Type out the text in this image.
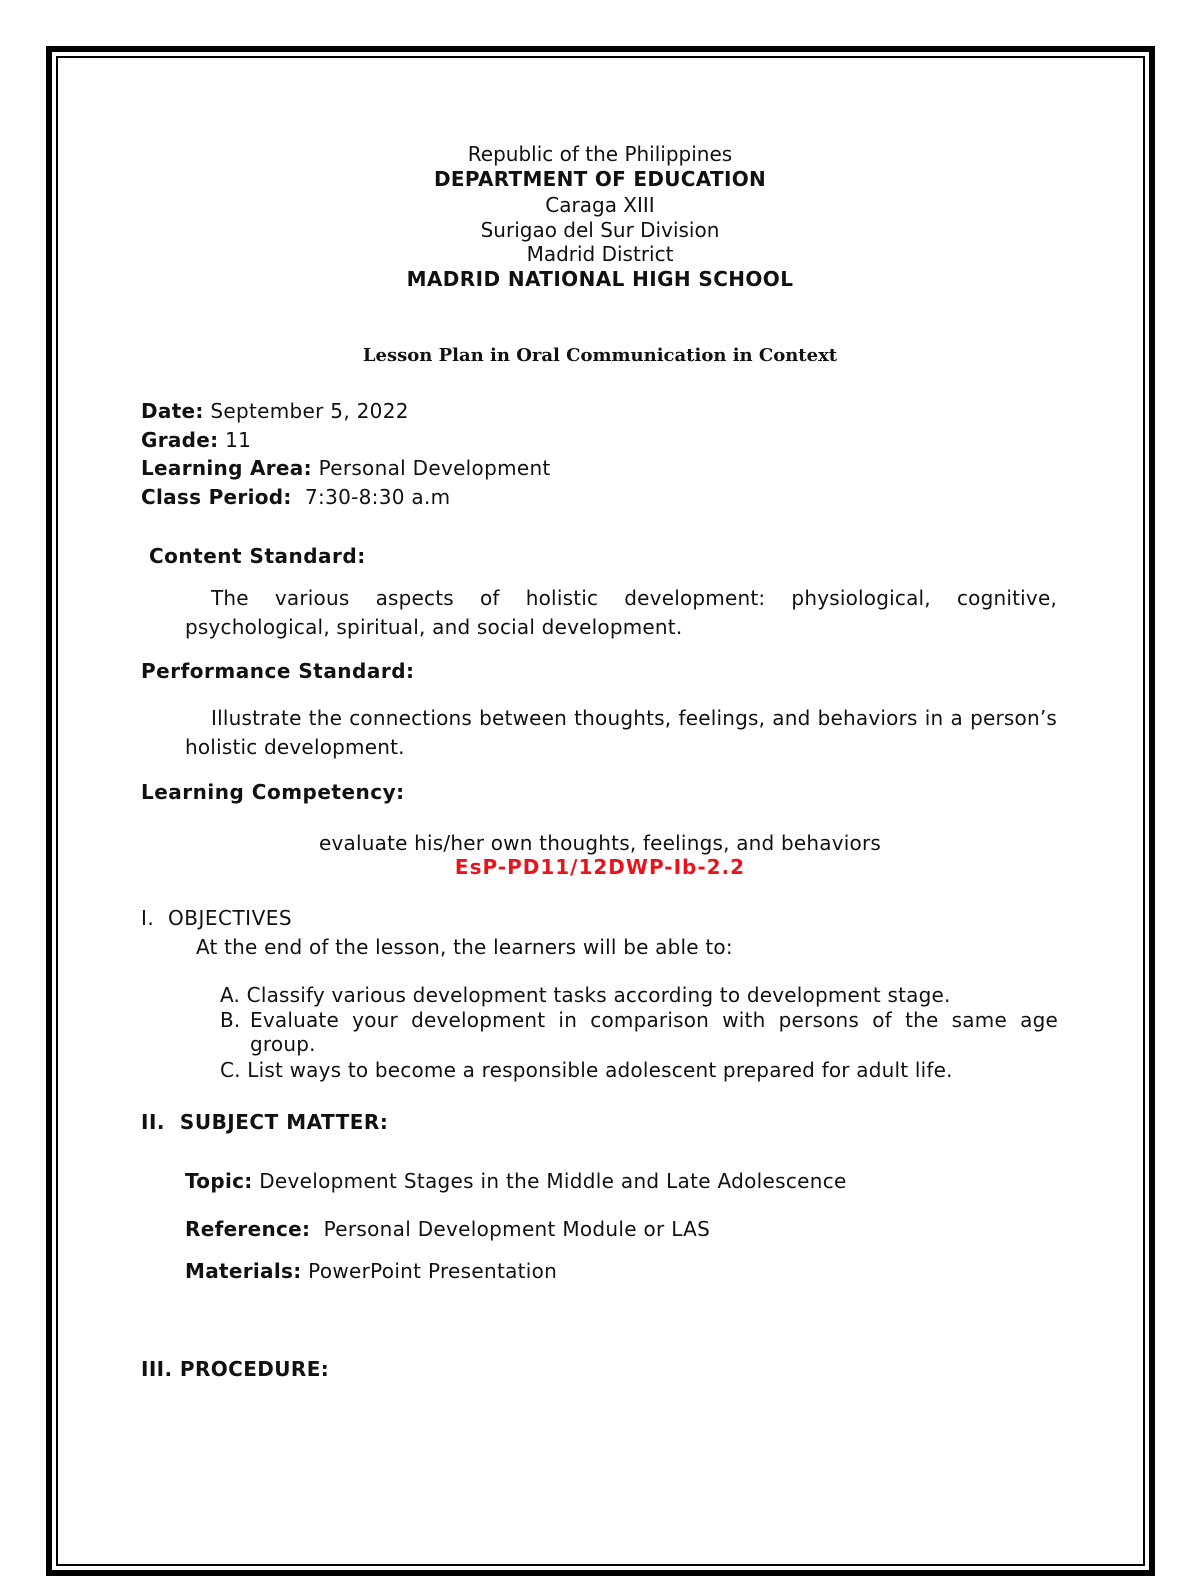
Republic of the Philippines
DEPARTMENT OF EDUCATION
Caraga XIII
Surigao del Sur Division
Madrid District
MADRID NATIONAL HIGH SCHOOL
Lesson Plan in Oral Communication in Context
Date: September 5, 2022
Grade: 11
Learning Area: Personal Development
Class Period: 7:30-8:30 a.m
Content Standard:
The various aspects of holistic development: physiological, cognitive, psychological, spiritual, and social development.
Performance Standard:
Illustrate the connections between thoughts, feelings, and behaviors in a person’s holistic development.
Learning Competency:
evaluate his/her own thoughts, feelings, and behaviors
EsP-PD11/12DWP-Ib-2.2
I. OBJECTIVES
At the end of the lesson, the learners will be able to:
A. Classify various development tasks according to development stage.
B. Evaluate your development in comparison with persons of the same age group.
C. List ways to become a responsible adolescent prepared for adult life.
II. SUBJECT MATTER:
Topic: Development Stages in the Middle and Late Adolescence
Reference: Personal Development Module or LAS
Materials: PowerPoint Presentation
III. PROCEDURE:
